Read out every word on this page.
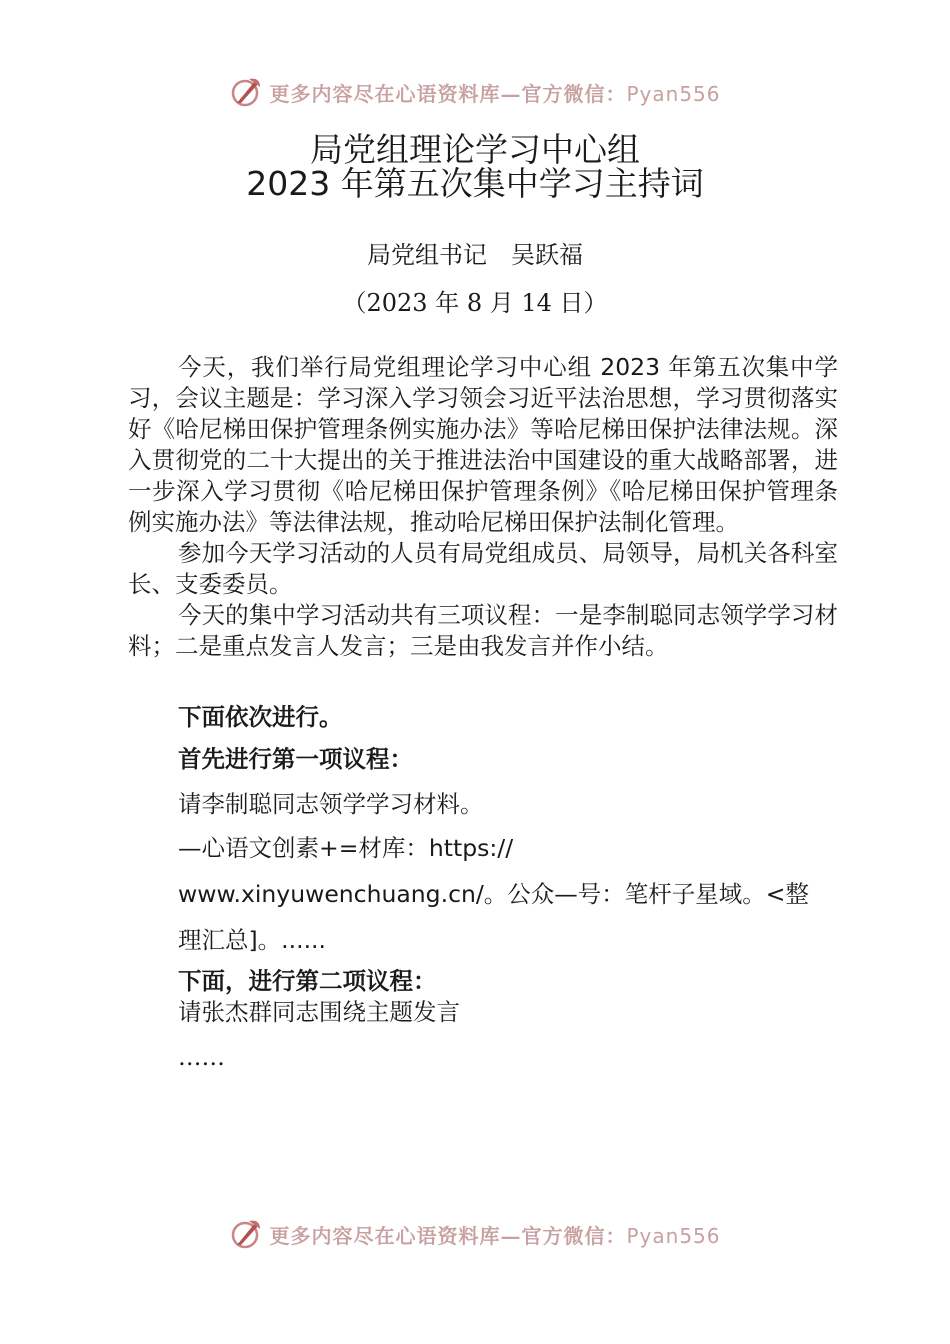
更多内容尽在心语资料库—官方微信：Pyan556
局党组理论学习中心组
2023 年第五次集中学习主持词
局党组书记　吴跃福
（2023 年 8 月 14 日）

今天，我们举行局党组理论学习中心组 2023 年第五次集中学习，会议主题是：学习深入学习领会习近平法治思想，学习贯彻落实好《哈尼梯田保护管理条例实施办法》等哈尼梯田保护法律法规。深入贯彻党的二十大提出的关于推进法治中国建设的重大战略部署，进一步深入学习贯彻《哈尼梯田保护管理条例》《哈尼梯田保护管理条例实施办法》等法律法规，推动哈尼梯田保护法制化管理。

参加今天学习活动的人员有局党组成员、局领导，局机关各科室长、支委委员。

今天的集中学习活动共有三项议程：一是李制聪同志领学学习材料；二是重点发言人发言；三是由我发言并作小结。

下面依次进行。
首先进行第一项议程：
请李制聪同志领学学习材料。
—心语文创素+=材库：https://
www.xinyuwenchuang.cn/。公众—号：笔杆子星域。<整
理汇总]。......
下面，进行第二项议程：
请张杰群同志围绕主题发言
……
更多内容尽在心语资料库—官方微信：Pyan556
